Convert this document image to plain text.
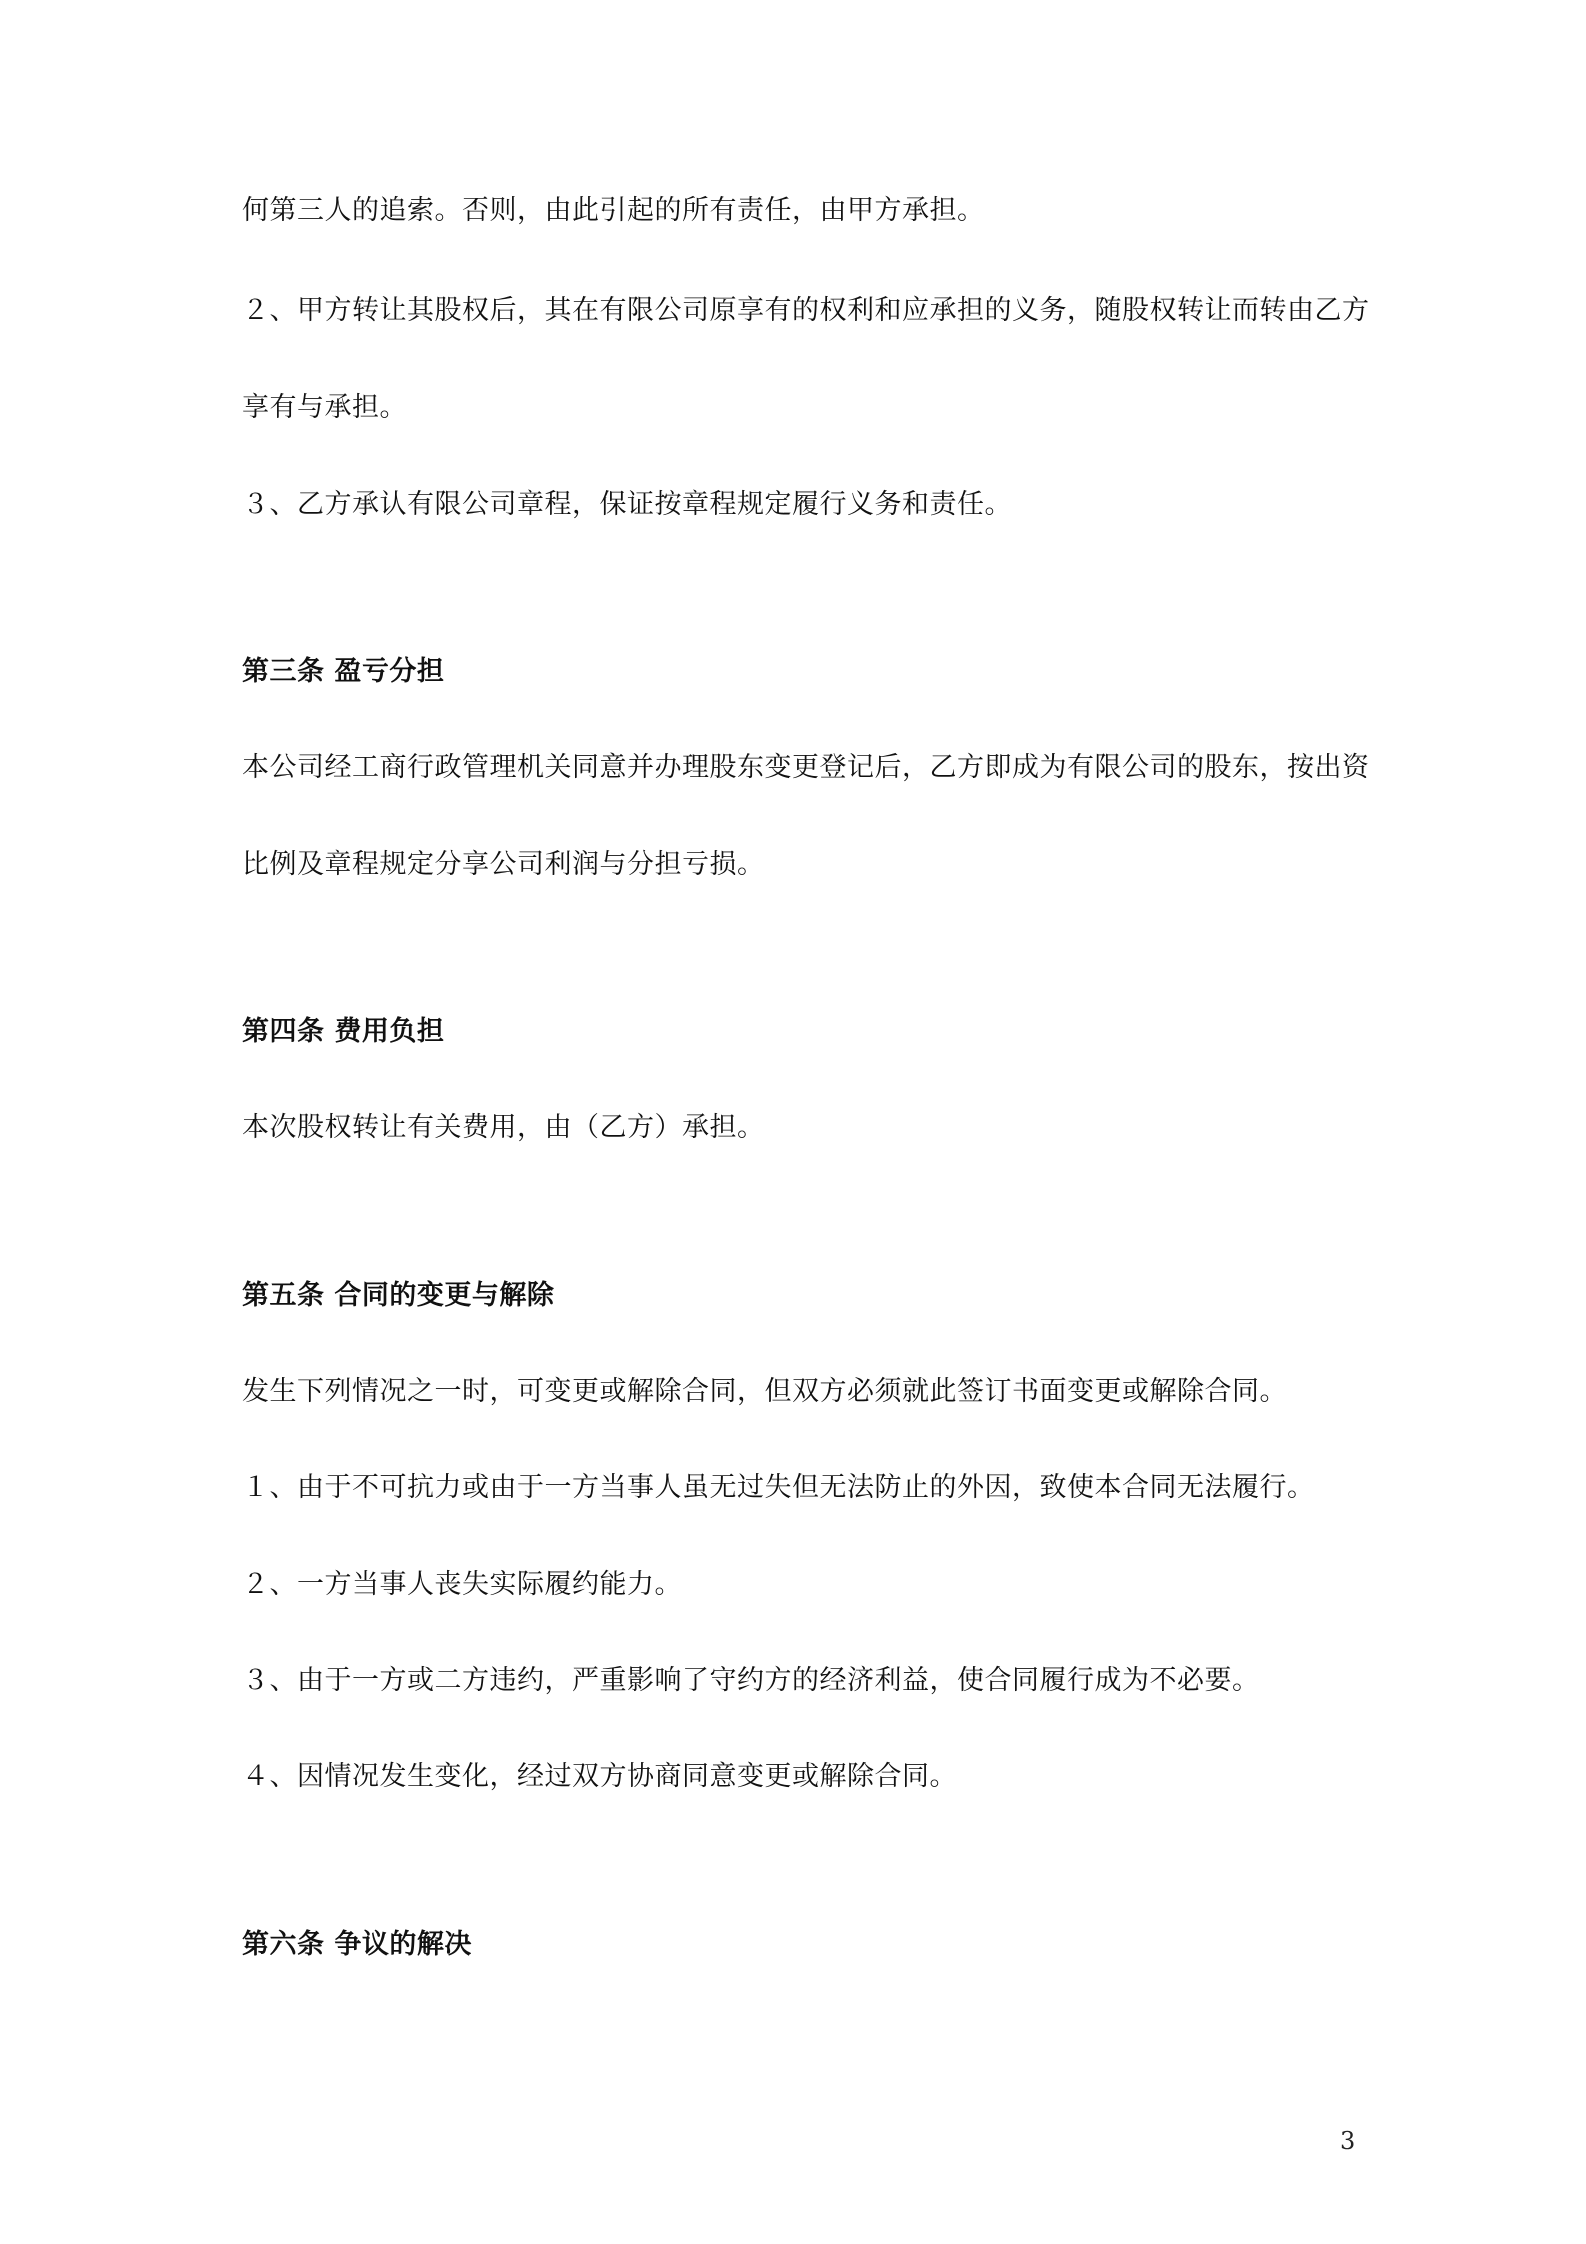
何第三人的追索。否则，由此引起的所有责任，由甲方承担。
２、甲方转让其股权后，其在有限公司原享有的权利和应承担的义务，随股权转让而转由乙方
享有与承担。
３、乙方承认有限公司章程，保证按章程规定履行义务和责任。
第三条 盈亏分担
本公司经工商行政管理机关同意并办理股东变更登记后，乙方即成为有限公司的股东，按出资
比例及章程规定分享公司利润与分担亏损。
第四条 费用负担
本次股权转让有关费用，由（乙方）承担。
第五条 合同的变更与解除
发生下列情况之一时，可变更或解除合同，但双方必须就此签订书面变更或解除合同。
１、由于不可抗力或由于一方当事人虽无过失但无法防止的外因，致使本合同无法履行。
２、一方当事人丧失实际履约能力。
３、由于一方或二方违约，严重影响了守约方的经济利益，使合同履行成为不必要。
４、因情况发生变化，经过双方协商同意变更或解除合同。
第六条 争议的解决
3
